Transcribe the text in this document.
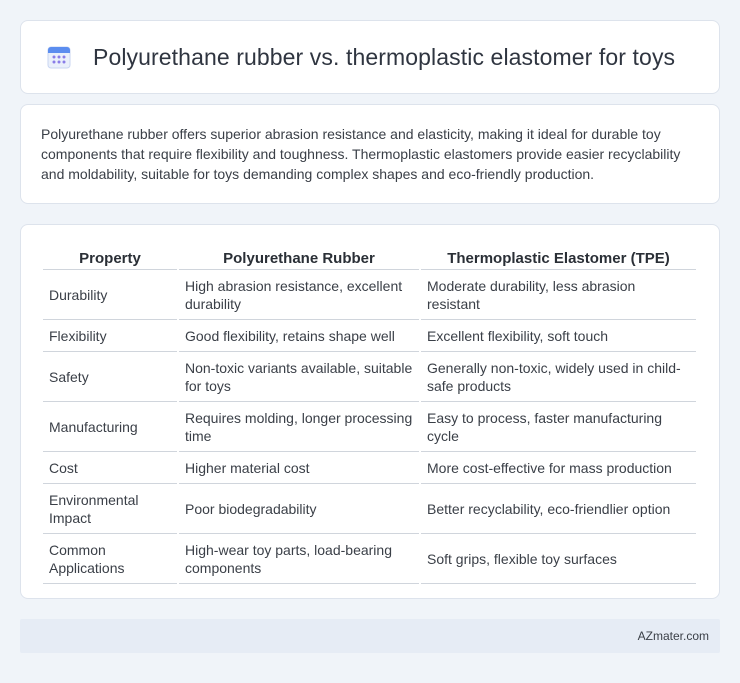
Polyurethane rubber vs. thermoplastic elastomer for toys

Polyurethane rubber offers superior abrasion resistance and elasticity, making it ideal for durable toy components that require flexibility and toughness. Thermoplastic elastomers provide easier recyclability and moldability, suitable for toys demanding complex shapes and eco-friendly production.

Property	Polyurethane Rubber	Thermoplastic Elastomer (TPE)
Durability	High abrasion resistance, excellent durability	Moderate durability, less abrasion resistant
Flexibility	Good flexibility, retains shape well	Excellent flexibility, soft touch
Safety	Non-toxic variants available, suitable for toys	Generally non-toxic, widely used in child-safe products
Manufacturing	Requires molding, longer processing time	Easy to process, faster manufacturing cycle
Cost	Higher material cost	More cost-effective for mass production
Environmental Impact	Poor biodegradability	Better recyclability, eco-friendlier option
Common Applications	High-wear toy parts, load-bearing components	Soft grips, flexible toy surfaces
AZmater.com
